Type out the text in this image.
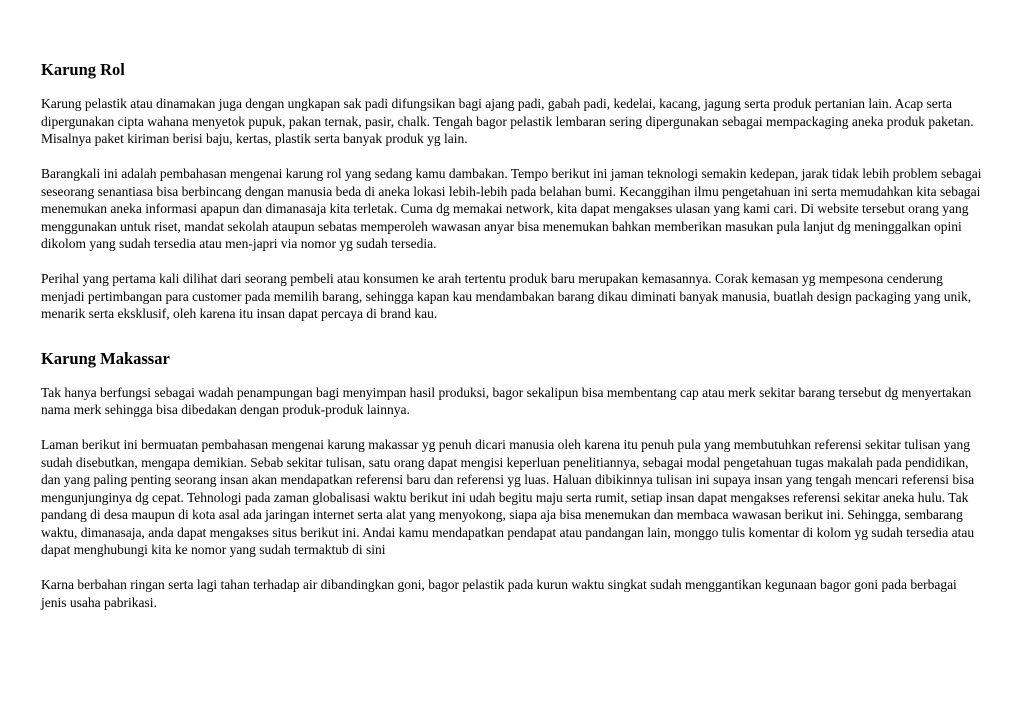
Karung Rol

Karung pelastik atau dinamakan juga dengan ungkapan sak padi difungsikan bagi ajang padi, gabah padi, kedelai, kacang, jagung serta produk pertanian lain. Acap serta dipergunakan cipta wahana menyetok pupuk, pakan ternak, pasir, chalk. Tengah bagor pelastik lembaran sering dipergunakan sebagai mempackaging aneka produk paketan. Misalnya paket kiriman berisi baju, kertas, plastik serta banyak produk yg lain.

Barangkali ini adalah pembahasan mengenai karung rol yang sedang kamu dambakan. Tempo berikut ini jaman teknologi semakin kedepan, jarak tidak lebih problem sebagai seseorang senantiasa bisa berbincang dengan manusia beda di aneka lokasi lebih-lebih pada belahan bumi. Kecanggihan ilmu pengetahuan ini serta memudahkan kita sebagai menemukan aneka informasi apapun dan dimanasaja kita terletak. Cuma dg memakai network, kita dapat mengakses ulasan yang kami cari. Di website tersebut orang yang menggunakan untuk riset, mandat sekolah ataupun sebatas memperoleh wawasan anyar bisa menemukan bahkan memberikan masukan pula lanjut dg meninggalkan opini dikolom yang sudah tersedia atau men-japri via nomor yg sudah tersedia.

Perihal yang pertama kali dilihat dari seorang pembeli atau konsumen ke arah tertentu produk baru merupakan kemasannya. Corak kemasan yg mempesona cenderung menjadi pertimbangan para customer pada memilih barang, sehingga kapan kau mendambakan barang dikau diminati banyak manusia, buatlah design packaging yang unik, menarik serta eksklusif, oleh karena itu insan dapat percaya di brand kau.

Karung Makassar

Tak hanya berfungsi sebagai wadah penampungan bagi menyimpan hasil produksi, bagor sekalipun bisa membentang cap atau merk sekitar barang tersebut dg menyertakan nama merk sehingga bisa dibedakan dengan produk-produk lainnya.

Laman berikut ini bermuatan pembahasan mengenai karung makassar yg penuh dicari manusia oleh karena itu penuh pula yang membutuhkan referensi sekitar tulisan yang sudah disebutkan, mengapa demikian. Sebab sekitar tulisan, satu orang dapat mengisi keperluan penelitiannya, sebagai modal pengetahuan tugas makalah pada pendidikan, dan yang paling penting seorang insan akan mendapatkan referensi baru dan referensi yg luas. Haluan dibikinnya tulisan ini supaya insan yang tengah mencari referensi bisa mengunjunginya dg cepat. Tehnologi pada zaman globalisasi waktu berikut ini udah begitu maju serta rumit, setiap insan dapat mengakses referensi sekitar aneka hulu. Tak pandang di desa maupun di kota asal ada jaringan internet serta alat yang menyokong, siapa aja bisa menemukan dan membaca wawasan berikut ini. Sehingga, sembarang waktu, dimanasaja, anda dapat mengakses situs berikut ini. Andai kamu mendapatkan pendapat atau pandangan lain, monggo tulis komentar di kolom yg sudah tersedia atau dapat menghubungi kita ke nomor yang sudah termaktub di sini

Karna berbahan ringan serta lagi tahan terhadap air dibandingkan goni, bagor pelastik pada kurun waktu singkat sudah menggantikan kegunaan bagor goni pada berbagai jenis usaha pabrikasi.
